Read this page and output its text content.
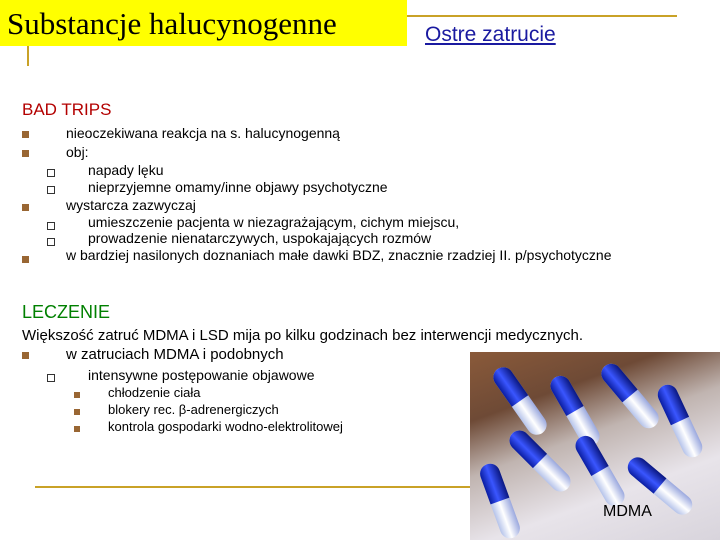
Substancje halucynogenne	Ostre zatrucie
BAD TRIPS
nieoczekiwana reakcja na s. halucynogenną
obj:
napady lęku
nieprzyjemne omamy/inne objawy psychotyczne
wystarcza zazwyczaj
umieszczenie pacjenta w niezagrażającym, cichym miejscu,
prowadzenie nienatarczywych, uspokajających rozmów
w bardziej nasilonych doznaniach małe dawki BDZ, znacznie rzadziej II. p/psychotyczne
LECZENIE
Większość zatruć MDMA i LSD mija po kilku godzinach bez interwencji medycznych.
w zatruciach MDMA i podobnych
intensywne postępowanie objawowe
chłodzenie ciała
blokery rec. β-adrenergiczych
kontrola gospodarki wodno-elektrolitowej
MDMA
